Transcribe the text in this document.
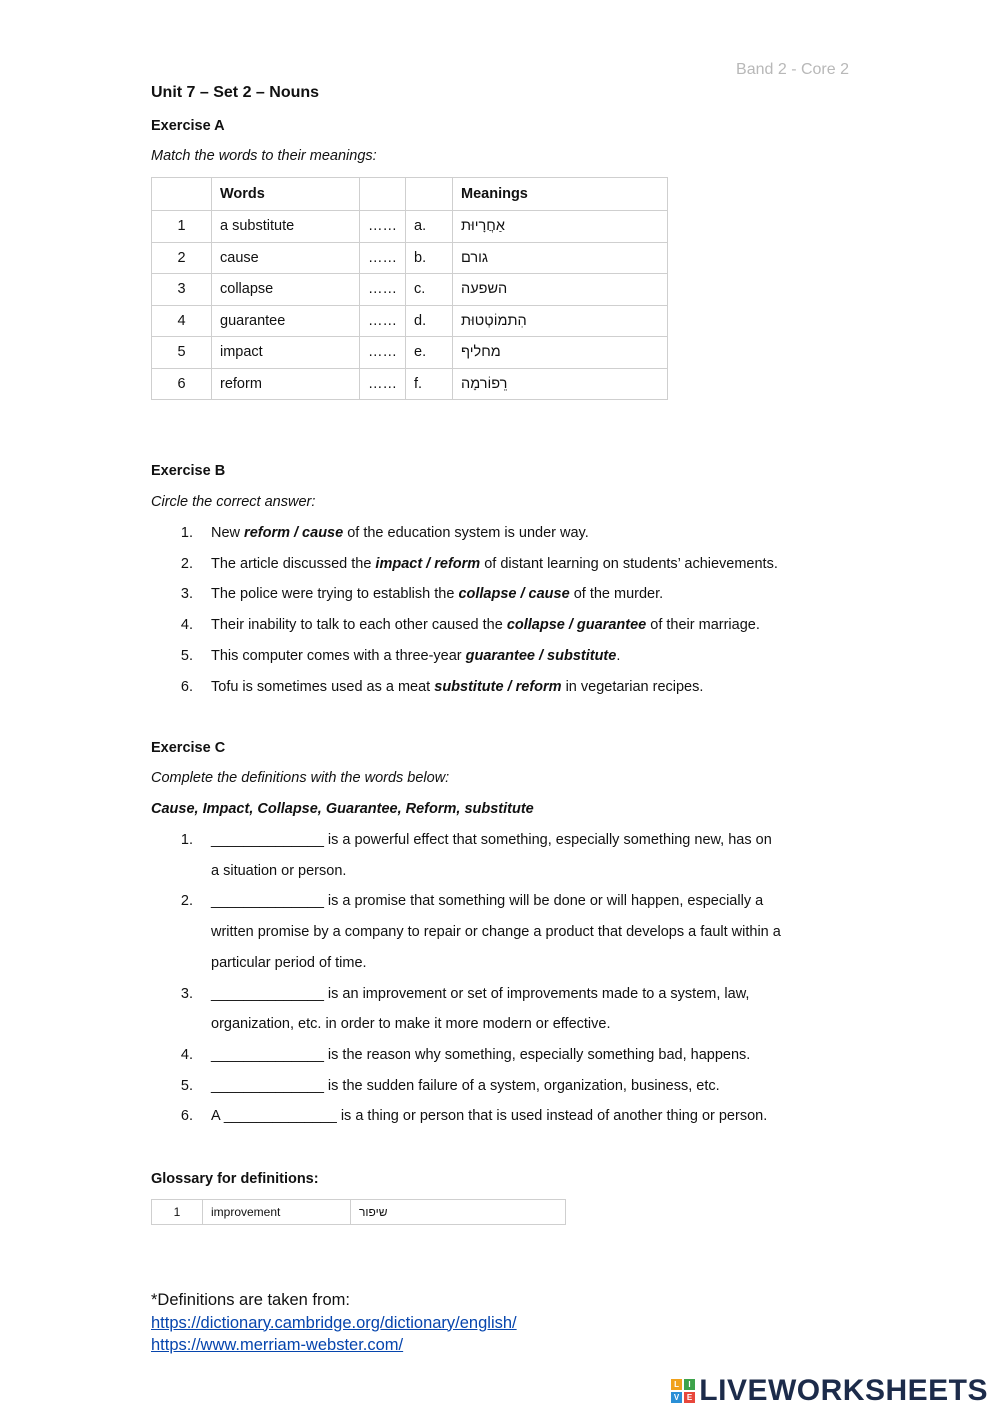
Band 2 - Core 2
Unit 7 – Set 2 – Nouns
Exercise A
Match the words to their meanings:
	Words			Meanings
1	a substitute	……	a.	אַחֲרָיוּת
2	cause	……	b.	גורם
3	collapse	……	c.	השפעה
4	guarantee	……	d.	הִתמוֹטְטוּת
5	impact	……	e.	מחליף
6	reform	……	f.	רֵפוֹרמָה
Exercise B
Circle the correct answer:
1. New reform / cause of the education system is under way.
2. The article discussed the impact / reform of distant learning on students’ achievements.
3. The police were trying to establish the collapse / cause of the murder.
4. Their inability to talk to each other caused the collapse / guarantee of their marriage.
5. This computer comes with a three-year guarantee / substitute.
6. Tofu is sometimes used as a meat substitute / reform in vegetarian recipes.
Exercise C
Complete the definitions with the words below:
Cause, Impact, Collapse, Guarantee, Reform, substitute
1. ______________ is a powerful effect that something, especially something new, has on
a situation or person.
2. ______________ is a promise that something will be done or will happen, especially a
written promise by a company to repair or change a product that develops a fault within a
particular period of time.
3. ______________ is an improvement or set of improvements made to a system, law,
organization, etc. in order to make it more modern or effective.
4. ______________ is the reason why something, especially something bad, happens.
5. ______________ is the sudden failure of a system, organization, business, etc.
6. A ______________ is a thing or person that is used instead of another thing or person.
Glossary for definitions:
1	improvement	שיפור
*Definitions are taken from:
https://dictionary.cambridge.org/dictionary/english/
https://www.merriam-webster.com/
L	I
V E LIVEWORKSHEETS
